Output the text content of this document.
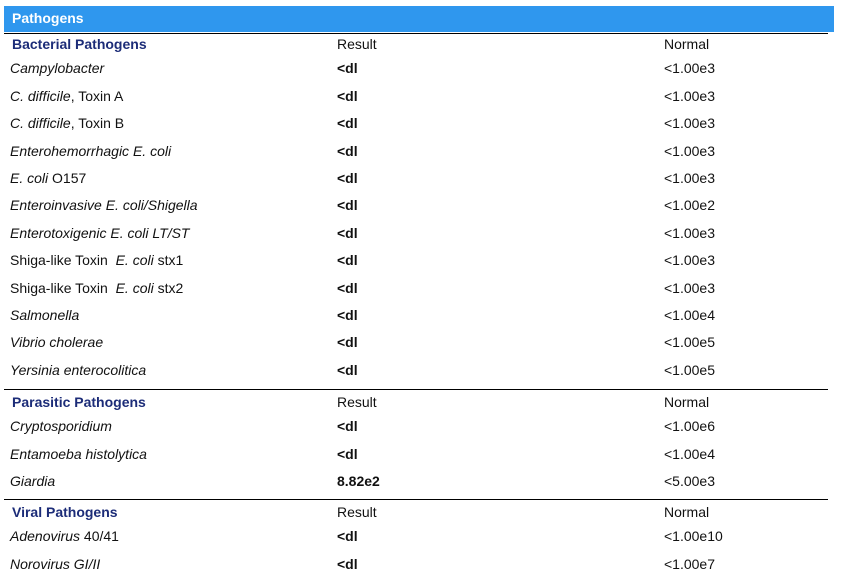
Pathogens
Bacterial Pathogens	Result	Normal
Campylobacter	<dl	<1.00e3
C. difficile, Toxin A	<dl	<1.00e3
C. difficile, Toxin B	<dl	<1.00e3
Enterohemorrhagic E. coli	<dl	<1.00e3
E. coli O157	<dl	<1.00e3
Enteroinvasive E. coli/Shigella	<dl	<1.00e2
Enterotoxigenic E. coli LT/ST	<dl	<1.00e3
Shiga-like Toxin  E. coli stx1	<dl	<1.00e3
Shiga-like Toxin  E. coli stx2	<dl	<1.00e3
Salmonella	<dl	<1.00e4
Vibrio cholerae	<dl	<1.00e5
Yersinia enterocolitica	<dl	<1.00e5
Parasitic Pathogens	Result	Normal
Cryptosporidium	<dl	<1.00e6
Entamoeba histolytica	<dl	<1.00e4
Giardia	8.82e2	<5.00e3
Viral Pathogens	Result	Normal
Adenovirus 40/41	<dl	<1.00e10
Norovirus GI/II	<dl	<1.00e7
